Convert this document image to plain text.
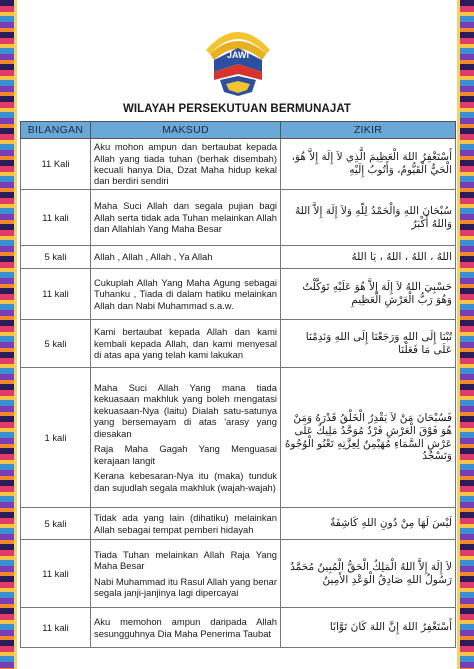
JAWI
WILAYAH PERSEKUTUAN BERMUNAJAT
BILANGAN	MAKSUD	ZIKIR
11 Kali	Aku mohon ampun dan bertaubat kepada Allah yang tiada tuhan (berhak disembah) kecuali hanya Dia, Dzat Maha hidup kekal dan berdiri sendiri	أَسْتَغْفِرُ اللهَ الْعَظِيمَ الَّذِي لاَ إِلَهَ إِلاَّ هُوَ، الْحَيُّ الْقَيُّومُ، وَأَتُوبُ إِلَيْهِ
11 kali	Maha Suci Allah dan segala pujian bagi Allah serta tidak ada Tuhan melainkan Allah dan Allahlah Yang Maha Besar	سُبْحَانَ اللهِ وَالْحَمْدُ لِلّهِ وَلاَ إِلَهَ إِلاَّ اللهُ وَاللهُ أَكْبَرُ
5 kali	Allah , Allah , Allah , Ya Allah	اللهُ ، اللهُ ، اللهُ ، يَا اللهُ
11 kali	Cukuplah Allah Yang Maha Agung sebagai Tuhanku , Tiada di dalam hatiku melainkan Allah dan Nabi Muhammad s.a.w.	حَسْبِيَ اللهُ لاَ إِلَهَ إِلاَّ هُوَ عَلَيْهِ تَوَكَّلْتُ وَهُوَ رَبُّ الْعَرْشِ الْعَظِيمِ
5 kali	Kami bertaubat kepada Allah dan kami kembali kepada Allah, dan kami menyesal di atas apa yang telah kami lakukan	تُبْنَا إِلَى اللهِ وَرَجَعْنَا إِلَى اللهِ وَنَدِمْنَا عَلَى مَا فَعَلْنَا
1 kali	Maha Suci Allah Yang mana tiada kekuasaan makhluk yang boleh mengatasi kekuasaan-Nya (laitu) Dialah satu-satunya yang bersemayam di atas 'arasy yang diesakan
Raja Maha Gagah Yang Menguasai kerajaan langit
Kerana kebesaran-Nya itu (maka) tunduk dan sujudlah segala makhluk (wajah-wajah)	فَسُبْحَانَ مَنْ لاَ يَقْدِرُ الْخَلْقُ قَدْرَهُ وَمَنْ هُوَ فَوْقَ الْعَرْشِ فَرْدٌ مُوَحَّدُ مَلِيكٌ عَلَى عَرْشِ السَّمَاءِ مُهَيْمِنٌ لِعِزَّتِهِ تَعْنُو الْوُجُوهُ وَتَسْجُدُ
5 kali	Tidak ada yang lain (dihatiku) melainkan Allah sebagai tempat pemberi hidayah	لَيْسَ لَهَا مِنْ دُونِ اللهِ كَاشِفَةٌ
11 kali	Tiada Tuhan melainkan Allah Raja Yang Maha Besar
Nabi Muhammad itu Rasul Allah yang benar segala janji-janjinya lagi dipercayai	لاَ إِلَهَ إِلاَّ اللهُ الْمَلِكُ الْحَقُّ الْمُبِينُ مُحَمَّدٌ رَسُولُ اللهِ صَادِقُ الْوَعْدِ الأَمِينُ
11 kali	Aku memohon ampun daripada Allah sesungguhnya Dia Maha Penerima Taubat	أَسْتَغْفِرُ اللهَ إِنَّ اللهَ كَانَ تَوَّابًا
